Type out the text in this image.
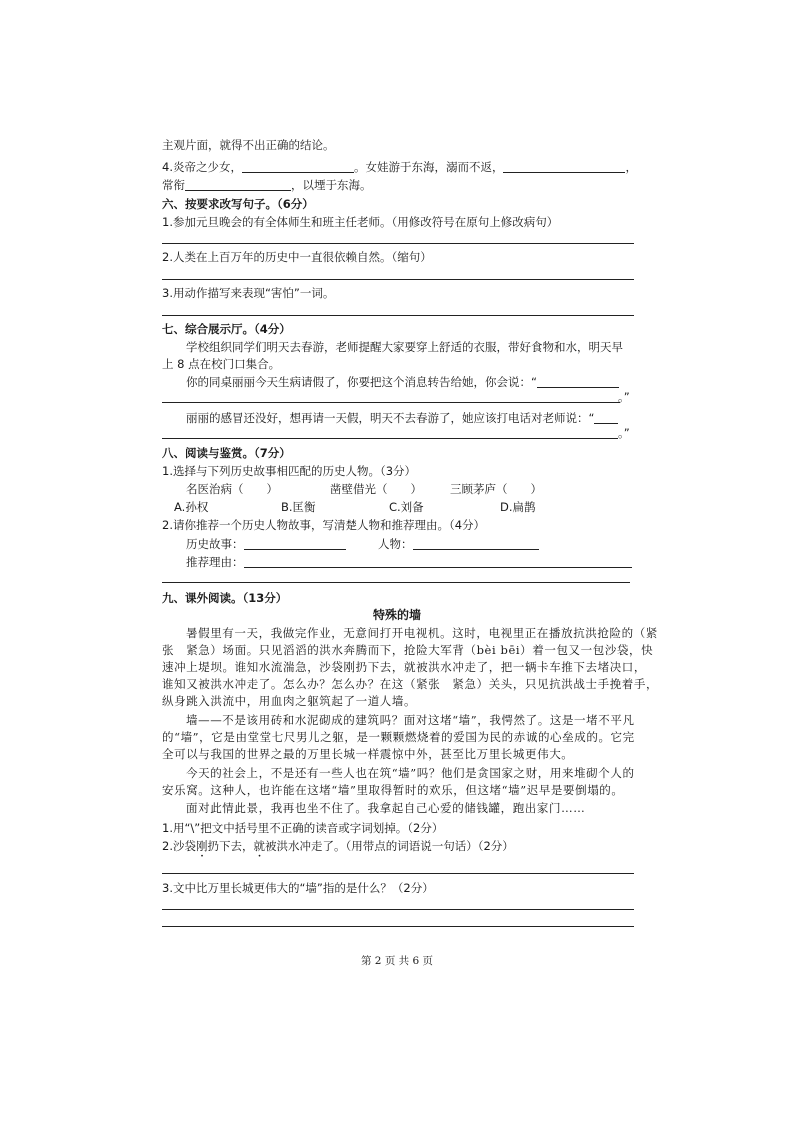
主观片面，就得不出正确的结论。
4.炎帝之少女，	。女娃游于东海，溺而不返，	，
常衔	，以堙于东海。
六、按要求改写句子。（6分）
1.参加元旦晚会的有全体师生和班主任老师。（用修改符号在原句上修改病句）
2.人类在上百万年的历史中一直很依赖自然。（缩句）
3.用动作描写来表现“害怕”一词。
七、综合展示厅。（4分）
学校组织同学们明天去春游，老师提醒大家要穿上舒适的衣服，带好食物和水，明天早
上 8 点在校门口集合。
你的同桌丽丽今天生病请假了，你要把这个消息转告给她，你会说：“
。”
丽丽的感冒还没好，想再请一天假，明天不去春游了，她应该打电话对老师说：“
。”
八、阅读与鉴赏。（7分）
1.选择与下列历史故事相匹配的历史人物。（3分）
名医治病（　　）	凿壁借光（　　） 三顾茅庐（　　）
A.孙权	B.匡衡	C.刘备	D.扁鹊
2.请你推荐一个历史人物故事，写清楚人物和推荐理由。（4分）
历史故事：	人物：
推荐理由：
九、课外阅读。（13分）
特殊的墙
暑假里有一天，我做完作业，无意间打开电视机。这时，电视里正在播放抗洪抢险的（紧
张　紧急）场面。只见滔滔的洪水奔腾而下，抢险大军背（bèi bēi）着一包又一包沙袋，快
速冲上堤坝。谁知水流湍急，沙袋刚扔下去，就被洪水冲走了，把一辆卡车推下去堵决口，
谁知又被洪水冲走了。怎么办？怎么办？在这（紧张　紧急）关头，只见抗洪战士手挽着手，
纵身跳入洪流中，用血肉之躯筑起了一道人墙。
墙——不是该用砖和水泥砌成的建筑吗？面对这堵“墙”，我愕然了。这是一堵不平凡
的“墙”，它是由堂堂七尺男儿之躯，是一颗颗燃烧着的爱国为民的赤诚的心垒成的。它完
全可以与我国的世界之最的万里长城一样震惊中外，甚至比万里长城更伟大。
今天的社会上，不是还有一些人也在筑“墙”吗？他们是贪国家之财，用来堆砌个人的
安乐窝。这种人，也许能在这堵“墙”里取得暂时的欢乐，但这堵“墙”迟早是要倒塌的。
面对此情此景，我再也坐不住了。我拿起自己心爱的储钱罐，跑出家门……
1.用“\”把文中括号里不正确的读音或字词划掉。（2分）
2.沙袋刚扔下去，就被洪水冲走了。（用带点的词语说一句话）（2分）
3.文中比万里长城更伟大的“墙”指的是什么？（2分）
第 2 页 共 6 页
